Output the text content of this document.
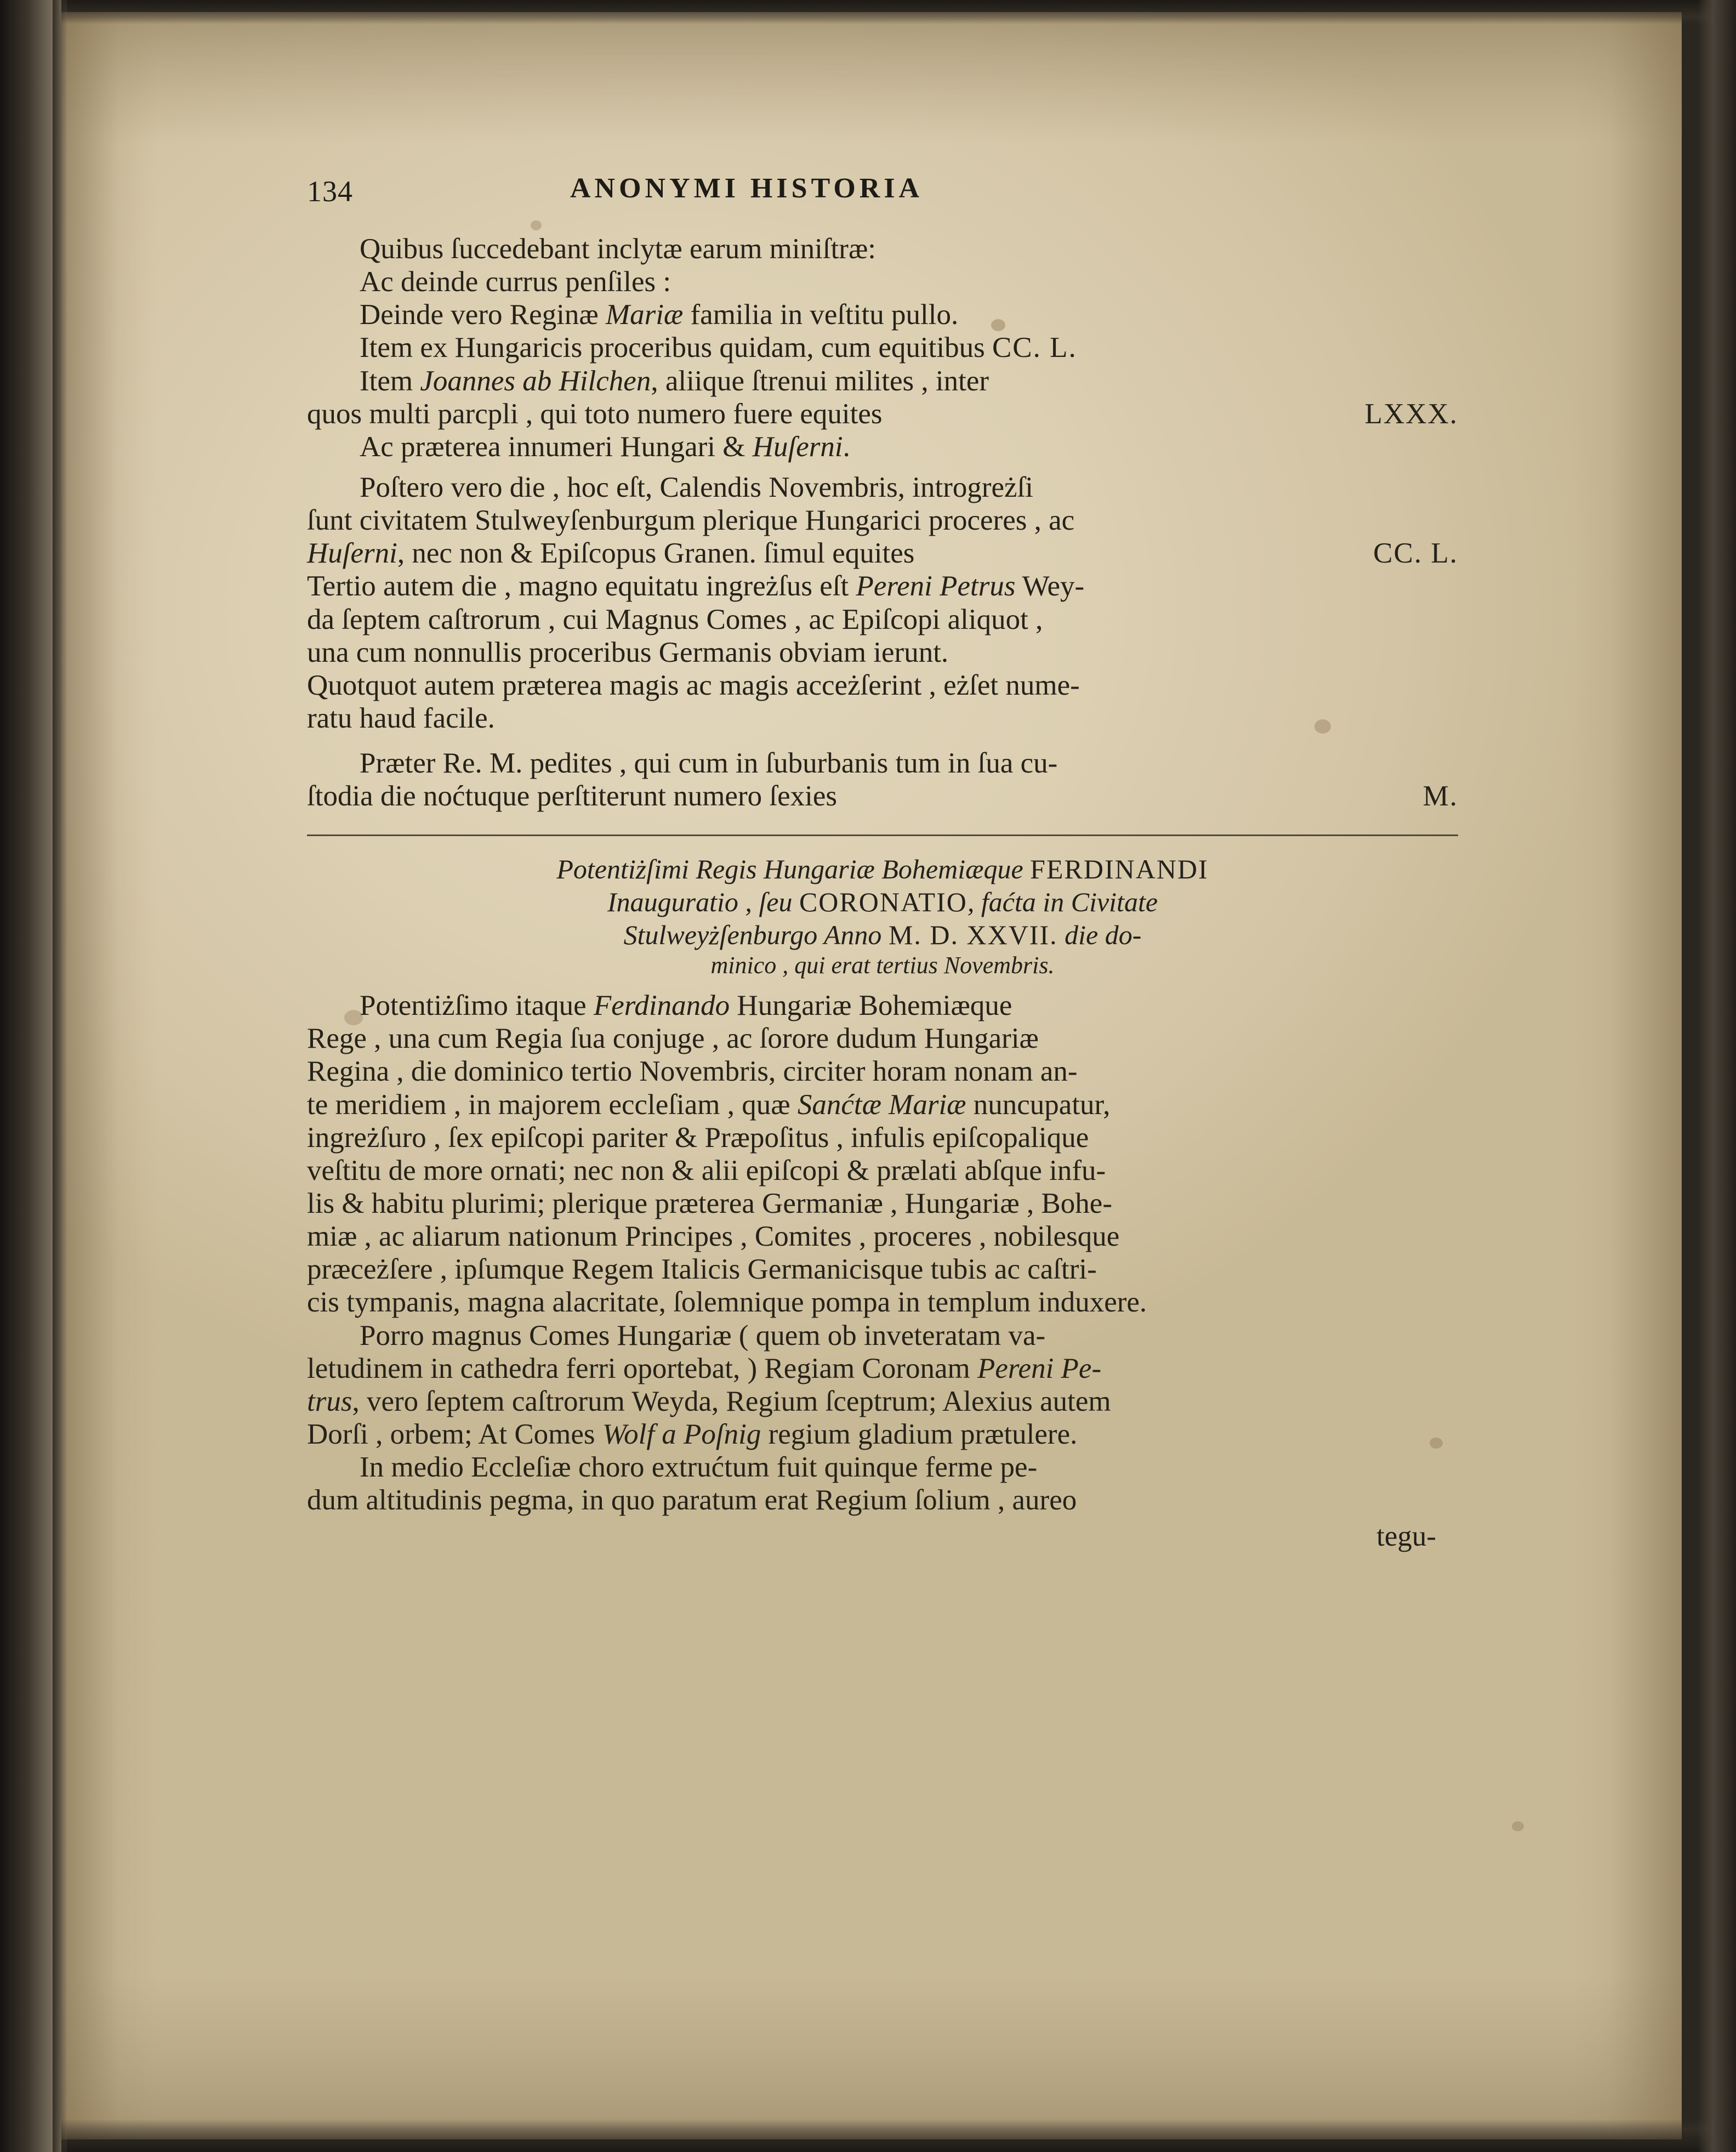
134	ANONYMI HISTORIA

Quibus ſuccedebant inclytæ earum miniſtræ:

Ac deinde currus penſiles :

Deinde vero Reginæ Mariæ familia in veſtitu pullo.

Item ex Hungaricis proceribus quidam, cum equitibus CC. L.

Item Joannes ab Hilchen, aliique ſtrenui milites , inter

quos multi parcpli , qui toto numero fuere equites	LXXX.

Ac præterea innumeri Hungari & Huſerni.

Poſtero vero die , hoc eſt, Calendis Novembris, introgreżſi

ſunt civitatem Stulweyſenburgum plerique Hungarici proceres , ac

Huſerni, nec non & Epiſcopus Granen. ſimul equites	CC. L.

Tertio autem die , magno equitatu ingreżſus eſt Pereni Petrus Wey-

da ſeptem caſtrorum , cui Magnus Comes , ac Epiſcopi aliquot ,

una cum nonnullis proceribus Germanis obviam ierunt.

Quotquot autem præterea magis ac magis acceżſerint , eżſet nume-

ratu haud facile.

Præter Re. M. pedites , qui cum in ſuburbanis tum in ſua cu-

ſtodia die noćtuque perſtiterunt numero ſexies	M.

Potentiżſimi Regis Hungariæ Bohemiæque FERDINANDI
Inauguratio , ſeu CORONATIO, faćta in Civitate
Stulweyżſenburgo Anno M. D. XXVII. die do-
minico , qui erat tertius Novembris.

Potentiżſimo itaque Ferdinando Hungariæ Bohemiæque

Rege , una cum Regia ſua conjuge , ac ſorore dudum Hungariæ

Regina , die dominico tertio Novembris, circiter horam nonam an-

te meridiem , in majorem eccleſiam , quæ Sanćtæ Mariæ nuncupatur,

ingreżſuro , ſex epiſcopi pariter & Præpoſitus , infulis epiſcopalique

veſtitu de more ornati; nec non & alii epiſcopi & prælati abſque infu-

lis & habitu plurimi; plerique præterea Germaniæ , Hungariæ , Bohe-

miæ , ac aliarum nationum Principes , Comites , proceres , nobilesque

præceżſere , ipſumque Regem Italicis Germanicisque tubis ac caſtri-

cis tympanis, magna alacritate, ſolemnique pompa in templum induxere.

Porro magnus Comes Hungariæ ( quem ob inveteratam va-

letudinem in cathedra ferri oportebat, ) Regiam Coronam Pereni Pe-

trus, vero ſeptem caſtrorum Weyda, Regium ſceptrum; Alexius autem

Dorſi , orbem; At Comes Wolf a Poſnig regium gladium prætulere.

In medio Eccleſiæ choro extrućtum fuit quinque ferme pe-

dum altitudinis pegma, in quo paratum erat Regium ſolium , aureo

tegu-
